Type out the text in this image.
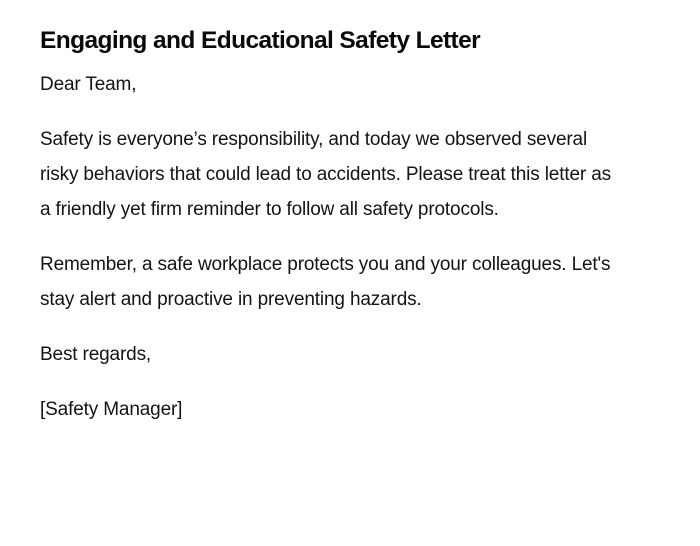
Engaging and Educational Safety Letter

Dear Team,

Safety is everyone’s responsibility, and today we observed several risky behaviors that could lead to accidents. Please treat this letter as a friendly yet firm reminder to follow all safety protocols.

Remember, a safe workplace protects you and your colleagues. Let's stay alert and proactive in preventing hazards.

Best regards,

[Safety Manager]
